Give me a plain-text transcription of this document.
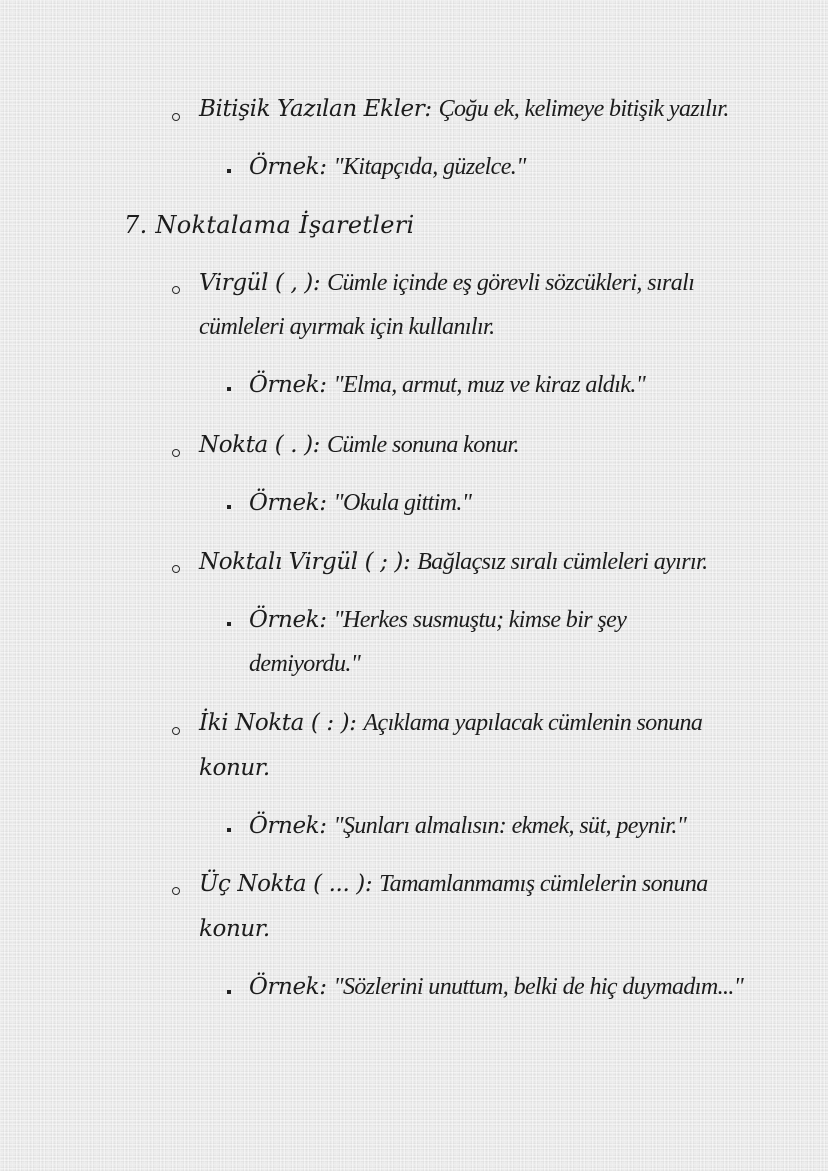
Bitişik Yazılan Ekler: Çoğu ek, kelimeye bitişik yazılır.
Örnek: "Kitapçıda, güzelce."
7. Noktalama İşaretleri
Virgül ( , ): Cümle içinde eş görevli sözcükleri, sıralı
cümleleri ayırmak için kullanılır.
Örnek: "Elma, armut, muz ve kiraz aldık."
Nokta ( . ): Cümle sonuna konur.
Örnek: "Okula gittim."
Noktalı Virgül ( ; ): Bağlaçsız sıralı cümleleri ayırır.
Örnek: "Herkes susmuştu; kimse bir şey
demiyordu."
İki Nokta ( : ): Açıklama yapılacak cümlenin sonuna
konur.
Örnek: "Şunları almalısın: ekmek, süt, peynir."
Üç Nokta ( ... ): Tamamlanmamış cümlelerin sonuna
konur.
Örnek: "Sözlerini unuttum, belki de hiç duymadım..."
